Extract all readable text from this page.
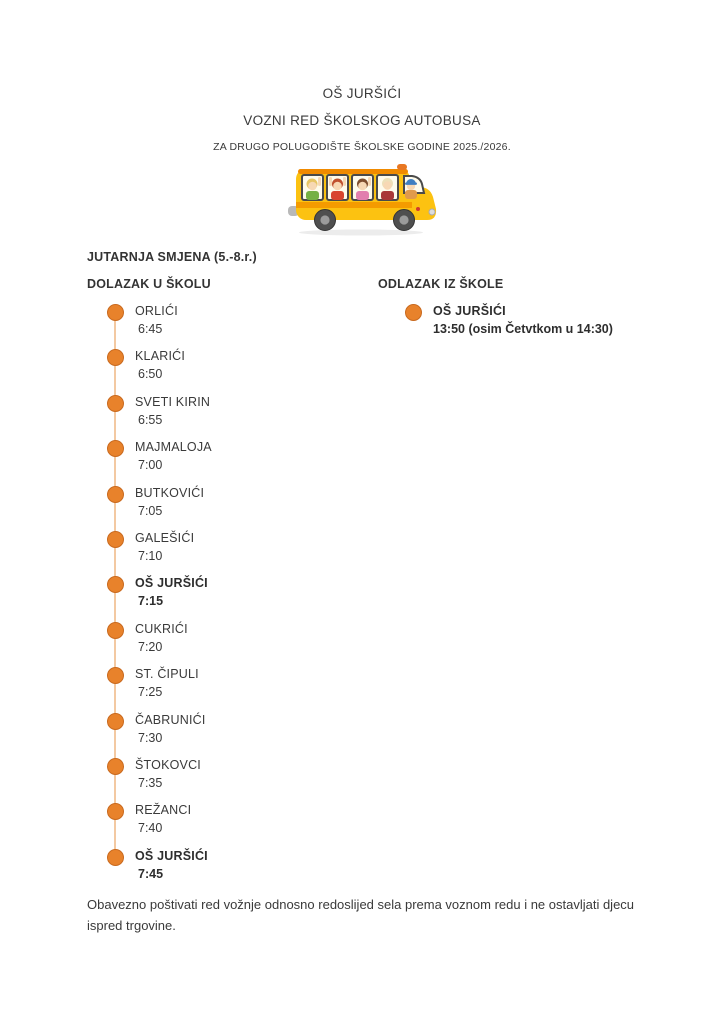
OŠ JURŠIĆI
VOZNI RED ŠKOLSKOG AUTOBUSA
ZA DRUGO POLUGODIŠTE ŠKOLSKE GODINE 2025./2026.
JUTARNJA SMJENA (5.-8.r.)
DOLAZAK U ŠKOLU	ODLAZAK IZ ŠKOLE
ORLIĆI
6:45
KLARIĆI
6:50
SVETI KIRIN
6:55
MAJMALOJA
7:00
BUTKOVIĆI
7:05
GALEŠIĆI
7:10
OŠ JURŠIĆI
7:15
CUKRIĆI
7:20
ST. ČIPULI
7:25
ČABRUNIĆI
7:30
ŠTOKOVCI
7:35
REŽANCI
7:40
OŠ JURŠIĆI
7:45
OŠ JURŠIĆI
13:50 (osim Četvtkom u 14:30)
Obavezno poštivati red vožnje odnosno redoslijed sela prema voznom redu i ne ostavljati djecu ispred trgovine.
